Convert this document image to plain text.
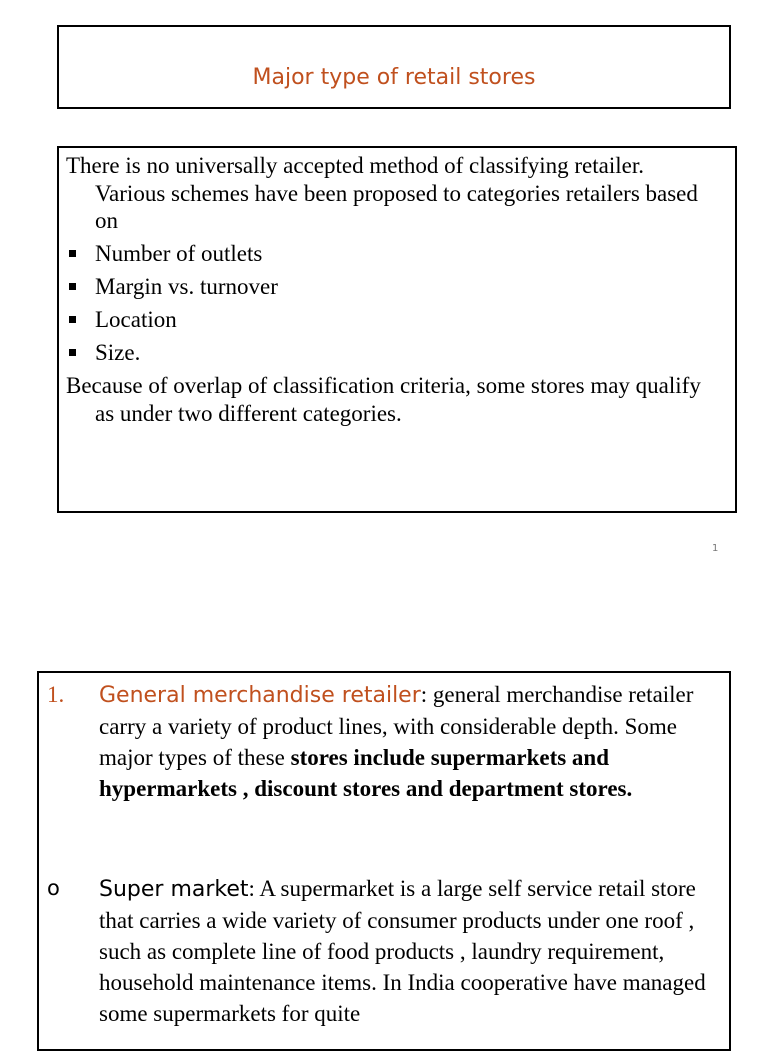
Major type of retail stores

There is no universally accepted method of classifying retailer. Various schemes have been proposed to categories retailers based on

Number of outlets
Margin vs. turnover
Location
Size.

Because of overlap of classification criteria, some stores may qualify as under two different categories.

1
1. General merchandise retailer: general merchandise retailer carry a variety of product lines, with considerable depth. Some major types of these stores include supermarkets and hypermarkets , discount stores and department stores.
o Super market: A supermarket is a large self service retail store that carries a wide variety of consumer products under one roof , such as complete line of food products , laundry requirement, household maintenance items. In India cooperative have managed some supermarkets for quite
